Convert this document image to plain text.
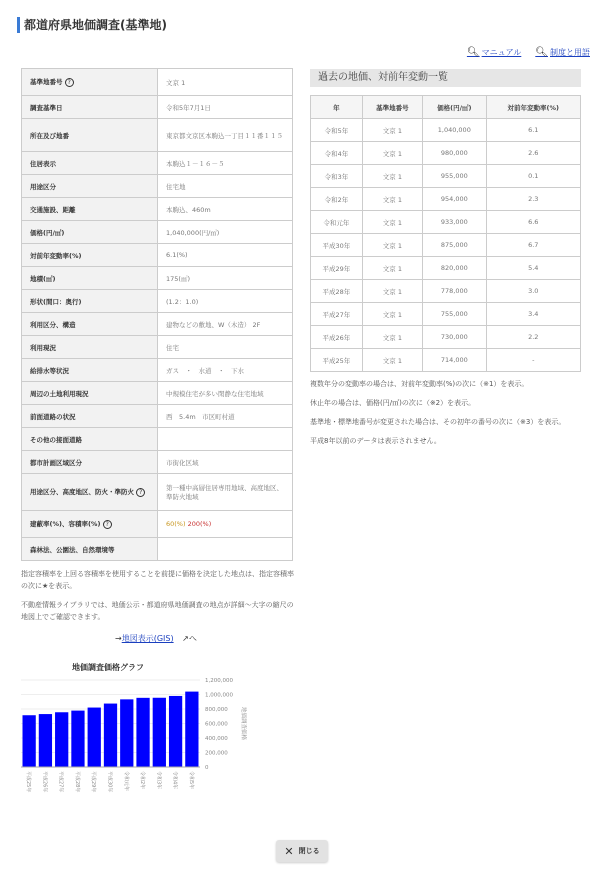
都道府県地価調査(基準地)
🔍︎ マニュアル 🔍︎ 制度と用語
基準地番号 ?	文京 1
調査基準日	令和5年7月1日
所在及び地番	東京都文京区本駒込一丁目１１番１１５
住居表示	本駒込１－１６－５
用途区分	住宅地
交通施設、距離	本駒込、460m
価格(円/㎡)	1,040,000(円/㎡)
対前年変動率(%)	6.1(%)
地積(㎡)	175(㎡)
形状(間口：奥行)	(1.2：1.0)
利用区分、構造	建物などの敷地、W（木造） 2F
利用現況	住宅
給排水等状況	ガス　・　水道　・　下水
周辺の土地利用現況	中規模住宅が多い閑静な住宅地域
前面道路の状況	西　5.4m　市区町村道
その他の接面道路	
都市計画区域区分	市街化区域
用途区分、高度地区、防火・準防火 ?	第一種中高層住居専用地域、高度地区、準防火地域
建蔽率(%)、容積率(%) ?	60(%) 200(%)
森林法、公園法、自然環境等	
過去の地価、対前年変動一覧
年	基準地番号	価格(円/㎡)	対前年変動率(%)
令和5年	文京 1	1,040,000	6.1
令和4年	文京 1	980,000	2.6
令和3年	文京 1	955,000	0.1
令和2年	文京 1	954,000	2.3
令和元年	文京 1	933,000	6.6
平成30年	文京 1	875,000	6.7
平成29年	文京 1	820,000	5.4
平成28年	文京 1	778,000	3.0
平成27年	文京 1	755,000	3.4
平成26年	文京 1	730,000	2.2
平成25年	文京 1	714,000	-

複数年分の変動率の場合は、対前年変動率(%)の次に（※1）を表示。

休止年の場合は、価格(円/㎡)の次に（※2）を表示。

基準地・標準地番号が変更された場合は、その初年の番号の次に（※3）を表示。

平成8年以前のデータは表示されません。

指定容積率を上回る容積率を使用することを前提に価格を決定した地点は、指定容積率の次に★を表示。

不動産情報ライブラリでは、地価公示・都道府県地価調査の地点が詳細～大字の縮尺の地図上でご確認できます。

→地図表示(GIS) ↗へ
地価調査価格グラフ
0
200,000
400,000
600,000
800,000
1,000,000
1,200,000
地価調査価格
平成25年 平成26年 平成27年 平成28年 平成29年 平成30年 令和元年 令和2年 令和3年 令和4年 令和5年
✕ 閉じる
